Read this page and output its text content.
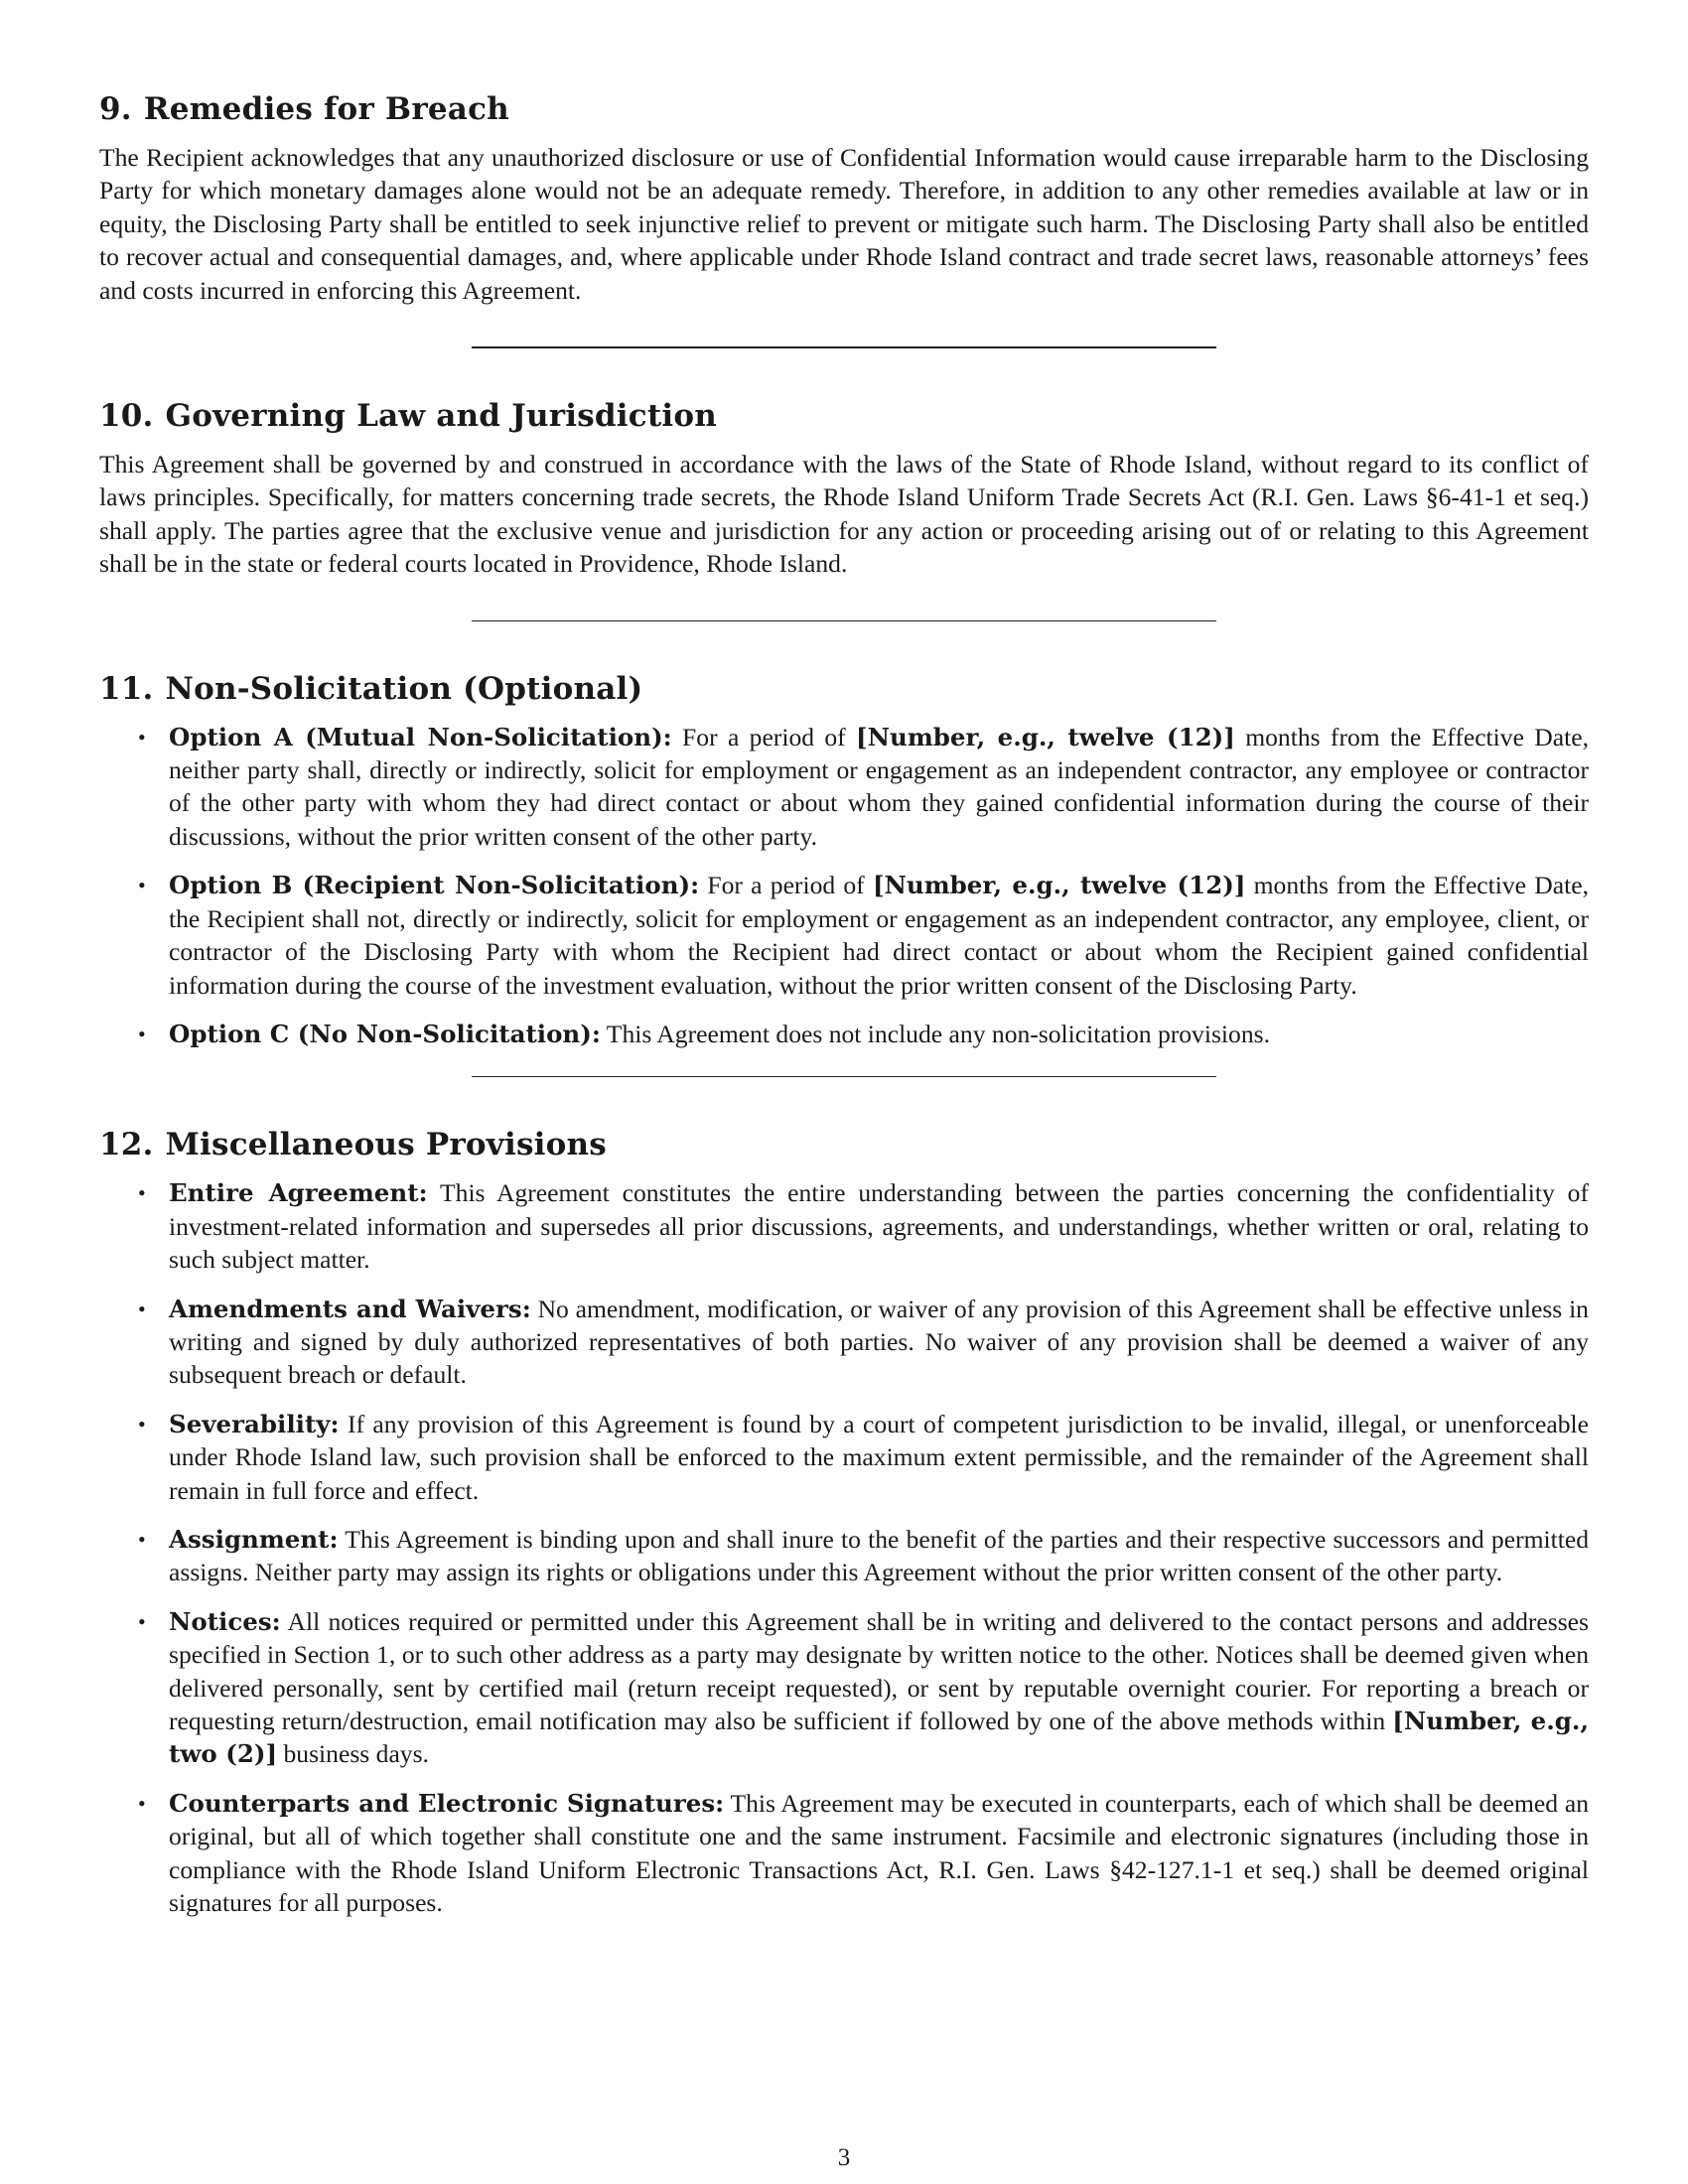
9. Remedies for Breach

The Recipient acknowledges that any unauthorized disclosure or use of Confidential Information would cause irreparable harm to the Disclosing Party for which monetary damages alone would not be an adequate remedy. Therefore, in addition to any other remedies available at law or in equity, the Disclosing Party shall be entitled to seek injunctive relief to prevent or mitigate such harm. The Disclosing Party shall also be entitled to recover actual and consequential damages, and, where applicable under Rhode Island contract and trade secret laws, reasonable attorneys’ fees and costs incurred in enforcing this Agreement.

10. Governing Law and Jurisdiction

This Agreement shall be governed by and construed in accordance with the laws of the State of Rhode Island, without regard to its conflict of laws principles. Specifically, for matters concerning trade secrets, the Rhode Island Uniform Trade Secrets Act (R.I. Gen. Laws §6-41-1 et seq.) shall apply. The parties agree that the exclusive venue and jurisdiction for any action or proceeding arising out of or relating to this Agreement shall be in the state or federal courts located in Providence, Rhode Island.

11. Non-Solicitation (Optional)
• Option A (Mutual Non-Solicitation): For a period of [Number, e.g., twelve (12)] months from the Effective Date, neither party shall, directly or indirectly, solicit for employment or engagement as an independent contractor, any employee or contractor of the other party with whom they had direct contact or about whom they gained confidential information during the course of their discussions, without the prior written consent of the other party.
• Option B (Recipient Non-Solicitation): For a period of [Number, e.g., twelve (12)] months from the Effective Date, the Recipient shall not, directly or indirectly, solicit for employment or engagement as an independent contractor, any employee, client, or contractor of the Disclosing Party with whom the Recipient had direct contact or about whom the Recipient gained confidential information during the course of the investment evaluation, without the prior written consent of the Disclosing Party.
• Option C (No Non-Solicitation): This Agreement does not include any non-solicitation provisions.
12. Miscellaneous Provisions
• Entire Agreement: This Agreement constitutes the entire understanding between the parties concerning the confidentiality of investment-related information and supersedes all prior discussions, agreements, and understandings, whether written or oral, relating to such subject matter.
• Amendments and Waivers: No amendment, modification, or waiver of any provision of this Agreement shall be effective unless in writing and signed by duly authorized representatives of both parties. No waiver of any provision shall be deemed a waiver of any subsequent breach or default.
• Severability: If any provision of this Agreement is found by a court of competent jurisdiction to be invalid, illegal, or unenforceable under Rhode Island law, such provision shall be enforced to the maximum extent permissible, and the remainder of the Agreement shall remain in full force and effect.
• Assignment: This Agreement is binding upon and shall inure to the benefit of the parties and their respective successors and permitted assigns. Neither party may assign its rights or obligations under this Agreement without the prior written consent of the other party.
• Notices: All notices required or permitted under this Agreement shall be in writing and delivered to the contact persons and addresses specified in Section 1, or to such other address as a party may designate by written notice to the other. Notices shall be deemed given when delivered personally, sent by certified mail (return receipt requested), or sent by reputable overnight courier. For reporting a breach or requesting return/destruction, email notification may also be sufficient if followed by one of the above methods within [Number, e.g., two (2)] business days.
• Counterparts and Electronic Signatures: This Agreement may be executed in counterparts, each of which shall be deemed an original, but all of which together shall constitute one and the same instrument. Facsimile and electronic signatures (including those in compliance with the Rhode Island Uniform Electronic Transactions Act, R.I. Gen. Laws §42-127.1-1 et seq.) shall be deemed original signatures for all purposes.
3
